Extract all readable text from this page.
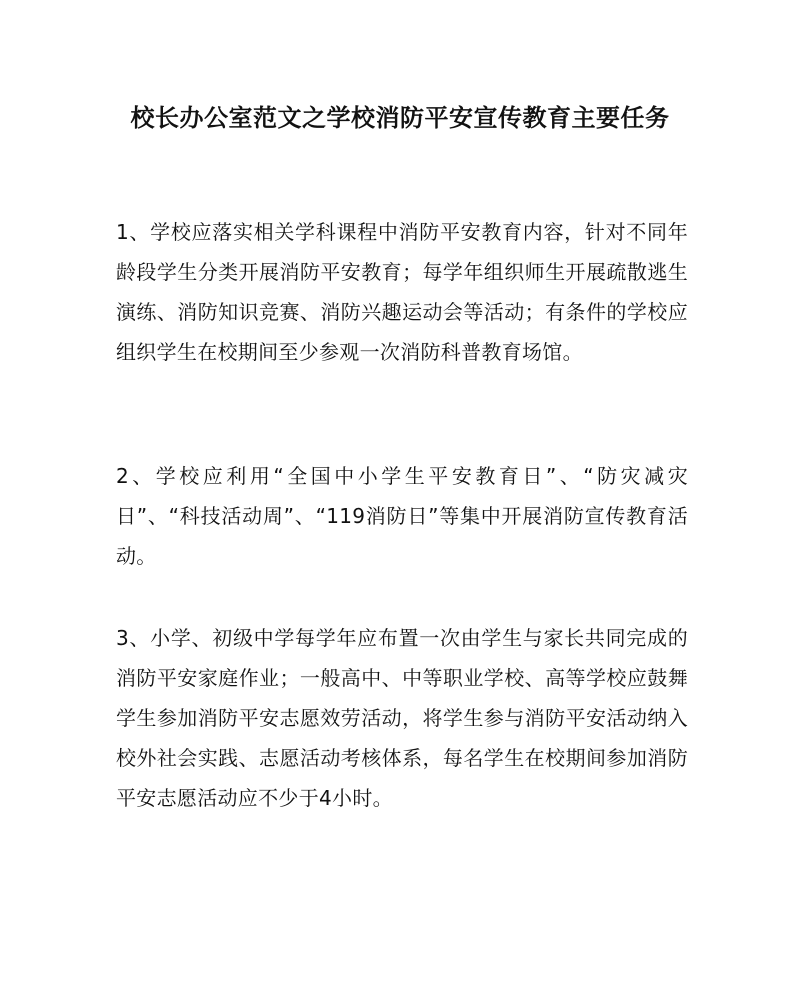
校长办公室范文之学校消防平安宣传教育主要任务

1、学校应落实相关学科课程中消防平安教育内容，针对不同年龄段学生分类开展消防平安教育；每学年组织师生开展疏散逃生演练、消防知识竞赛、消防兴趣运动会等活动；有条件的学校应组织学生在校期间至少参观一次消防科普教育场馆。

2、学校应利用“全国中小学生平安教育日”、“防灾减灾日”、“科技活动周”、“119消防日”等集中开展消防宣传教育活动。

3、小学、初级中学每学年应布置一次由学生与家长共同完成的消防平安家庭作业；一般高中、中等职业学校、高等学校应鼓舞学生参加消防平安志愿效劳活动，将学生参与消防平安活动纳入校外社会实践、志愿活动考核体系，每名学生在校期间参加消防平安志愿活动应不少于4小时。
